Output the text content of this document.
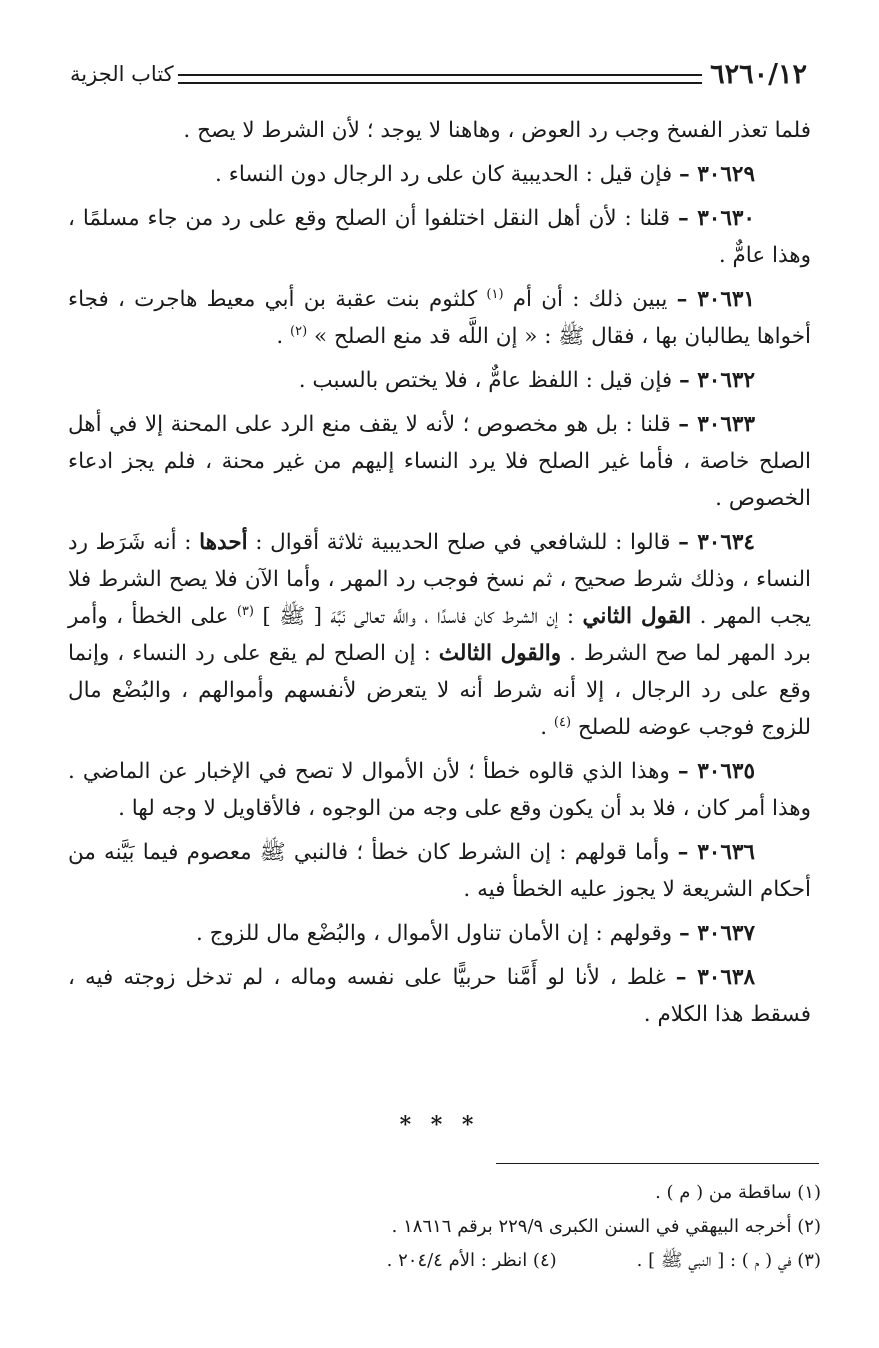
٦٢٦٠/١٢
كتاب الجزية

فلما تعذر الفسخ وجب رد العوض ، وهاهنا لا يوجد ؛ لأن الشرط لا يصح .

٣٠٦٢٩ – فإن قيل : الحديبية كان على رد الرجال دون النساء .

٣٠٦٣٠ – قلنا : لأن أهل النقل اختلفوا أن الصلح وقع على رد من جاء مسلمًا ، وهذا عامٌّ .

٣٠٦٣١ – يبين ذلك : أن أم $^{(١)}$ كلثوم بنت عقبة بن أبي معيط هاجرت ، فجاء أخواها يطالبان بها ، فقال ﷺ : « إن اللَّه قد منع الصلح » $^{(٢)}$ .

٣٠٦٣٢ – فإن قيل : اللفظ عامٌّ ، فلا يختص بالسبب .

٣٠٦٣٣ – قلنا : بل هو مخصوص ؛ لأنه لا يقف منع الرد على المحنة إلا في أهل الصلح خاصة ، فأما غير الصلح فلا يرد النساء إليهم من غير محنة ، فلم يجز ادعاء الخصوص .

٣٠٦٣٤ – قالوا : للشافعي في صلح الحديبية ثلاثة أقوال : أحدها : أنه شَرَط رد النساء ، وذلك شرط صحيح ، ثم نسخ فوجب رد المهر ، وأما الآن فلا يصح الشرط فلا يجب المهر . القول الثاني : إن الشرط كان فاسدًا ، واللَّه تعالى نَبَّهَ [ ﷺ ] $^{(٣)}$ على الخطأ ، وأمر برد المهر لما صح الشرط . والقول الثالث : إن الصلح لم يقع على رد النساء ، وإنما وقع على رد الرجال ، إلا أنه شرط أنه لا يتعرض لأنفسهم وأموالهم ، والبُضْع مال للزوج فوجب عوضه للصلح $^{(٤)}$ .

٣٠٦٣٥ – وهذا الذي قالوه خطأ ؛ لأن الأموال لا تصح في الإخبار عن الماضي . وهذا أمر كان ، فلا بد أن يكون وقع على وجه من الوجوه ، فالأقاويل لا وجه لها .

٣٠٦٣٦ – وأما قولهم : إن الشرط كان خطأ ؛ فالنبي ﷺ معصوم فيما بَيَّنه من أحكام الشريعة لا يجوز عليه الخطأ فيه .

٣٠٦٣٧ – وقولهم : إن الأمان تناول الأموال ، والبُضْع مال للزوج .

٣٠٦٣٨ – غلط ، لأنا لو أَمَّنا حربيًّا على نفسه وماله ، لم تدخل زوجته فيه ، فسقط هذا الكلام .

* * *
(١) ساقطة من ( م ) .
(٢) أخرجه البيهقي في السنن الكبرى ٢٢٩/٩ برقم ١٨٦١٦ .
(٣) في ( م ) : [ النبي ﷺ ] .
(٤) انظر : الأم ٢٠٤/٤ .
